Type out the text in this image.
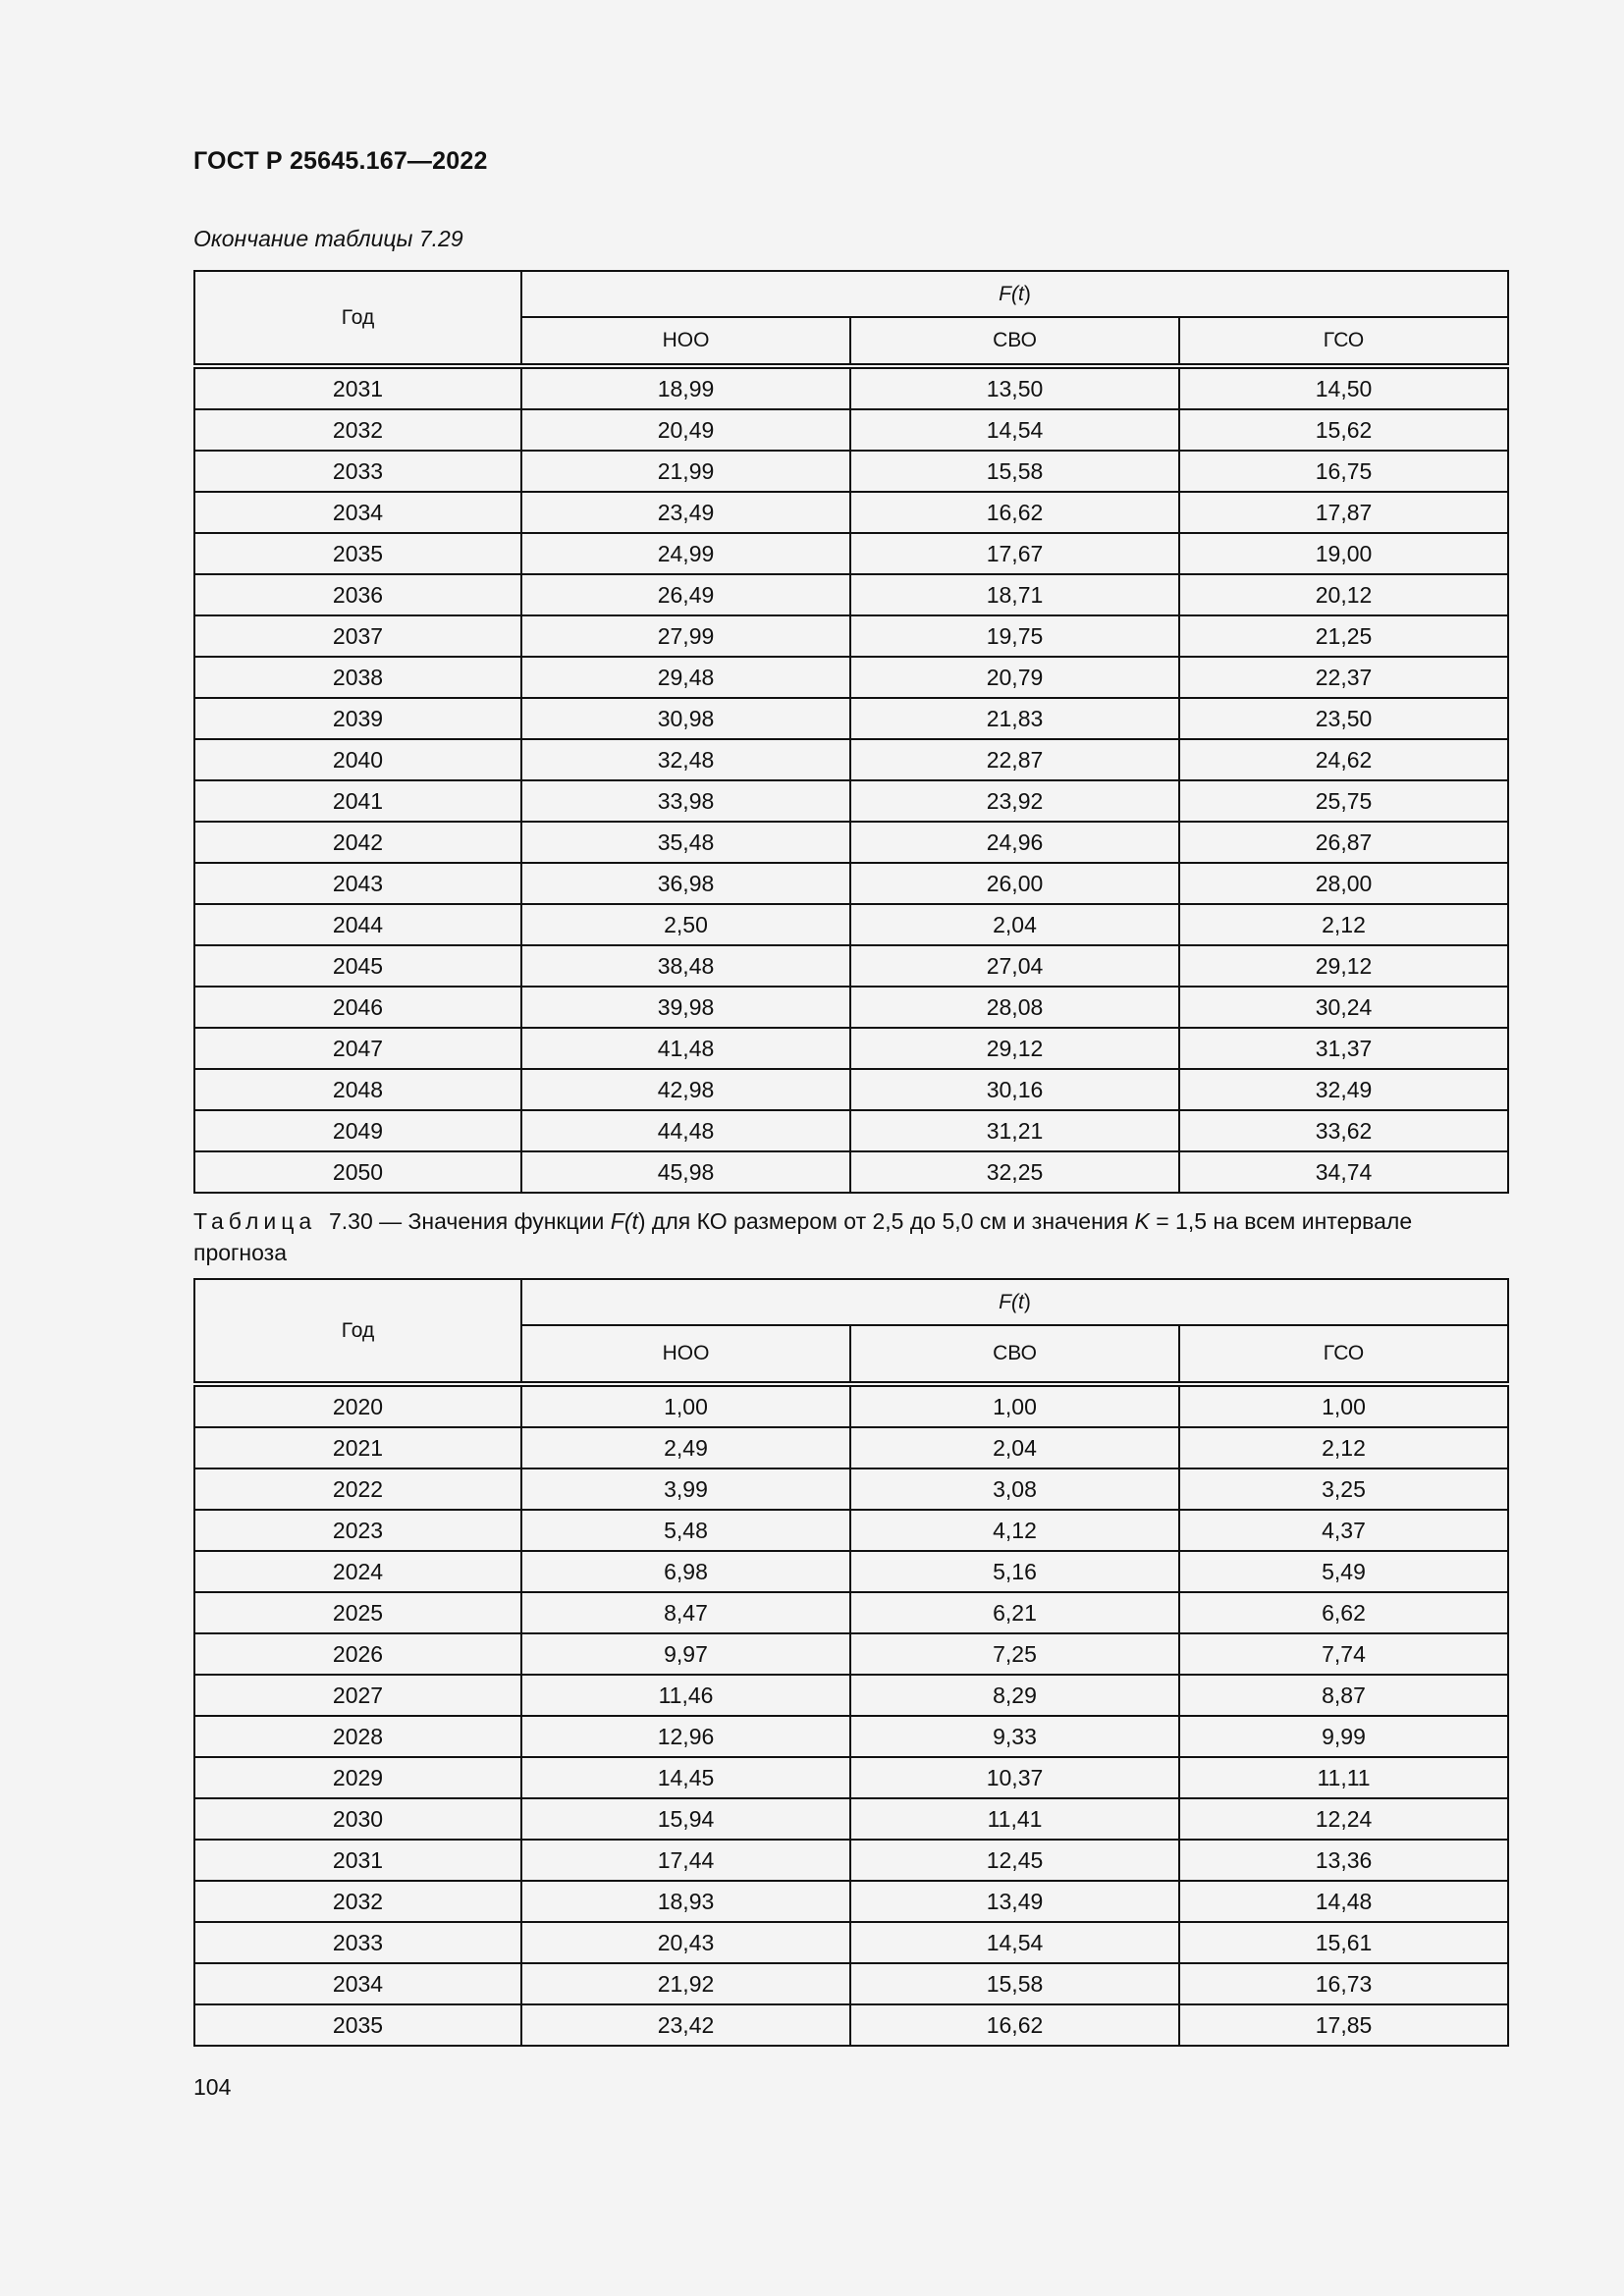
ГОСТ Р 25645.167—2022
Окончание таблицы 7.29
Год	F(t)		
	НОО	СВО	ГСО
2031	18,99	13,50	14,50
2032	20,49	14,54	15,62
2033	21,99	15,58	16,75
2034	23,49	16,62	17,87
2035	24,99	17,67	19,00
2036	26,49	18,71	20,12
2037	27,99	19,75	21,25
2038	29,48	20,79	22,37
2039	30,98	21,83	23,50
2040	32,48	22,87	24,62
2041	33,98	23,92	25,75
2042	35,48	24,96	26,87
2043	36,98	26,00	28,00
2044	2,50	2,04	2,12
2045	38,48	27,04	29,12
2046	39,98	28,08	30,24
2047	41,48	29,12	31,37
2048	42,98	30,16	32,49
2049	44,48	31,21	33,62
2050	45,98	32,25	34,74
Таблица 7.30 — Значения функции F(t) для КО размером от 2,5 до 5,0 см и значения K = 1,5 на всем интервале прогноза
Год	F(t)		
	НОО	СВО	ГСО
2020	1,00	1,00	1,00
2021	2,49	2,04	2,12
2022	3,99	3,08	3,25
2023	5,48	4,12	4,37
2024	6,98	5,16	5,49
2025	8,47	6,21	6,62
2026	9,97	7,25	7,74
2027	11,46	8,29	8,87
2028	12,96	9,33	9,99
2029	14,45	10,37	11,11
2030	15,94	11,41	12,24
2031	17,44	12,45	13,36
2032	18,93	13,49	14,48
2033	20,43	14,54	15,61
2034	21,92	15,58	16,73
2035	23,42	16,62	17,85
104
